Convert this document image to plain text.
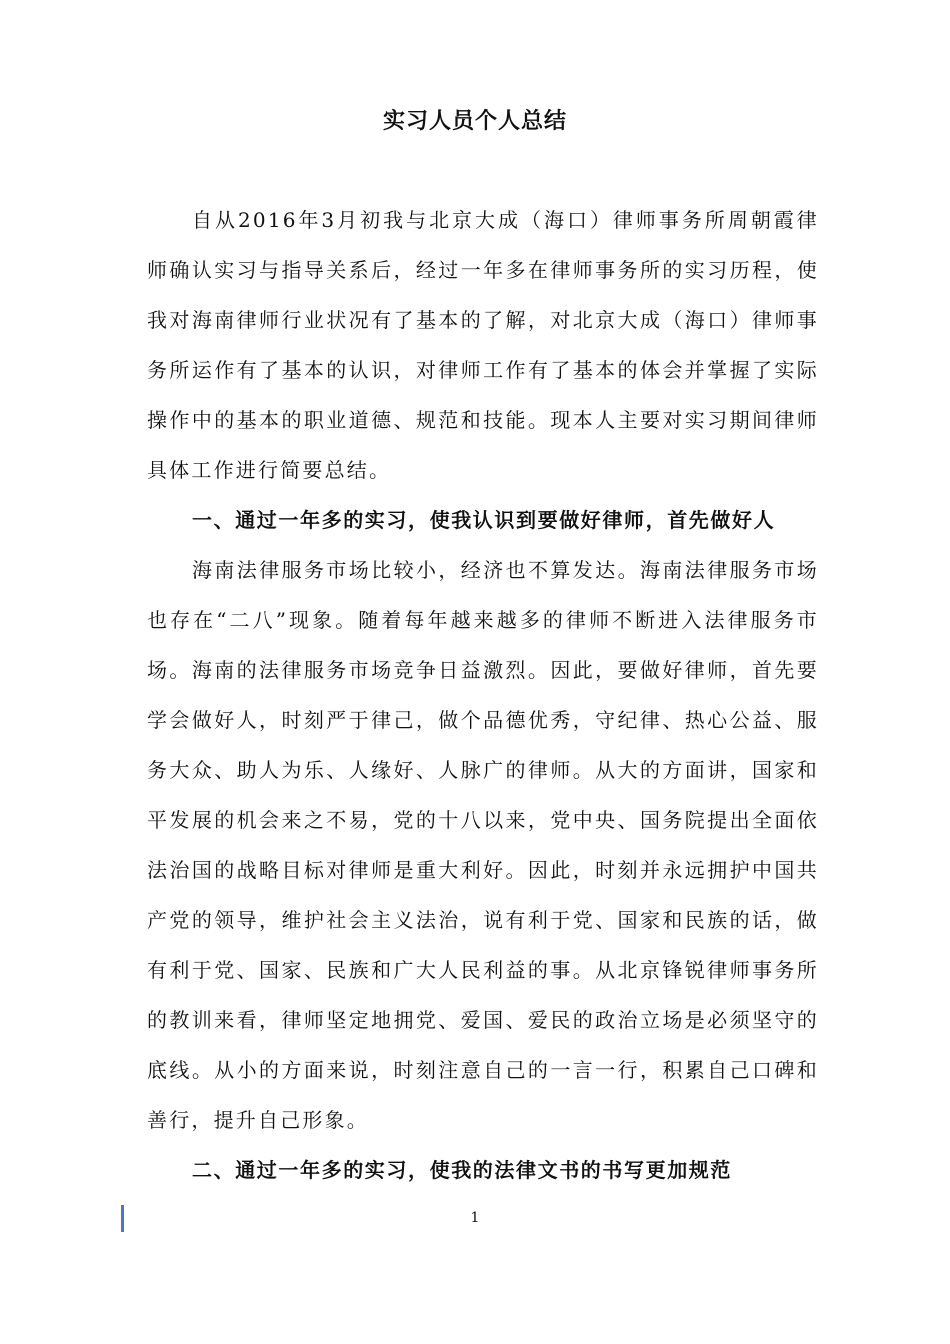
实习人员个人总结

自从2016年3月初我与北京大成（海口）律师事务所周朝霞律师确认实习与指导关系后，经过一年多在律师事务所的实习历程，使我对海南律师行业状况有了基本的了解，对北京大成（海口）律师事务所运作有了基本的认识，对律师工作有了基本的体会并掌握了实际操作中的基本的职业道德、规范和技能。现本人主要对实习期间律师具体工作进行简要总结。

一、通过一年多的实习，使我认识到要做好律师，首先做好人

海南法律服务市场比较小，经济也不算发达。海南法律服务市场也存在“二八”现象。随着每年越来越多的律师不断进入法律服务市场。海南的法律服务市场竞争日益激烈。因此，要做好律师，首先要学会做好人，时刻严于律己，做个品德优秀，守纪律、热心公益、服务大众、助人为乐、人缘好、人脉广的律师。从大的方面讲，国家和平发展的机会来之不易，党的十八以来，党中央、国务院提出全面依法治国的战略目标对律师是重大利好。因此，时刻并永远拥护中国共产党的领导，维护社会主义法治，说有利于党、国家和民族的话，做有利于党、国家、民族和广大人民利益的事。从北京锋锐律师事务所的教训来看，律师坚定地拥党、爱国、爱民的政治立场是必须坚守的底线。从小的方面来说，时刻注意自己的一言一行，积累自己口碑和善行，提升自己形象。

二、通过一年多的实习，使我的法律文书的书写更加规范

1
